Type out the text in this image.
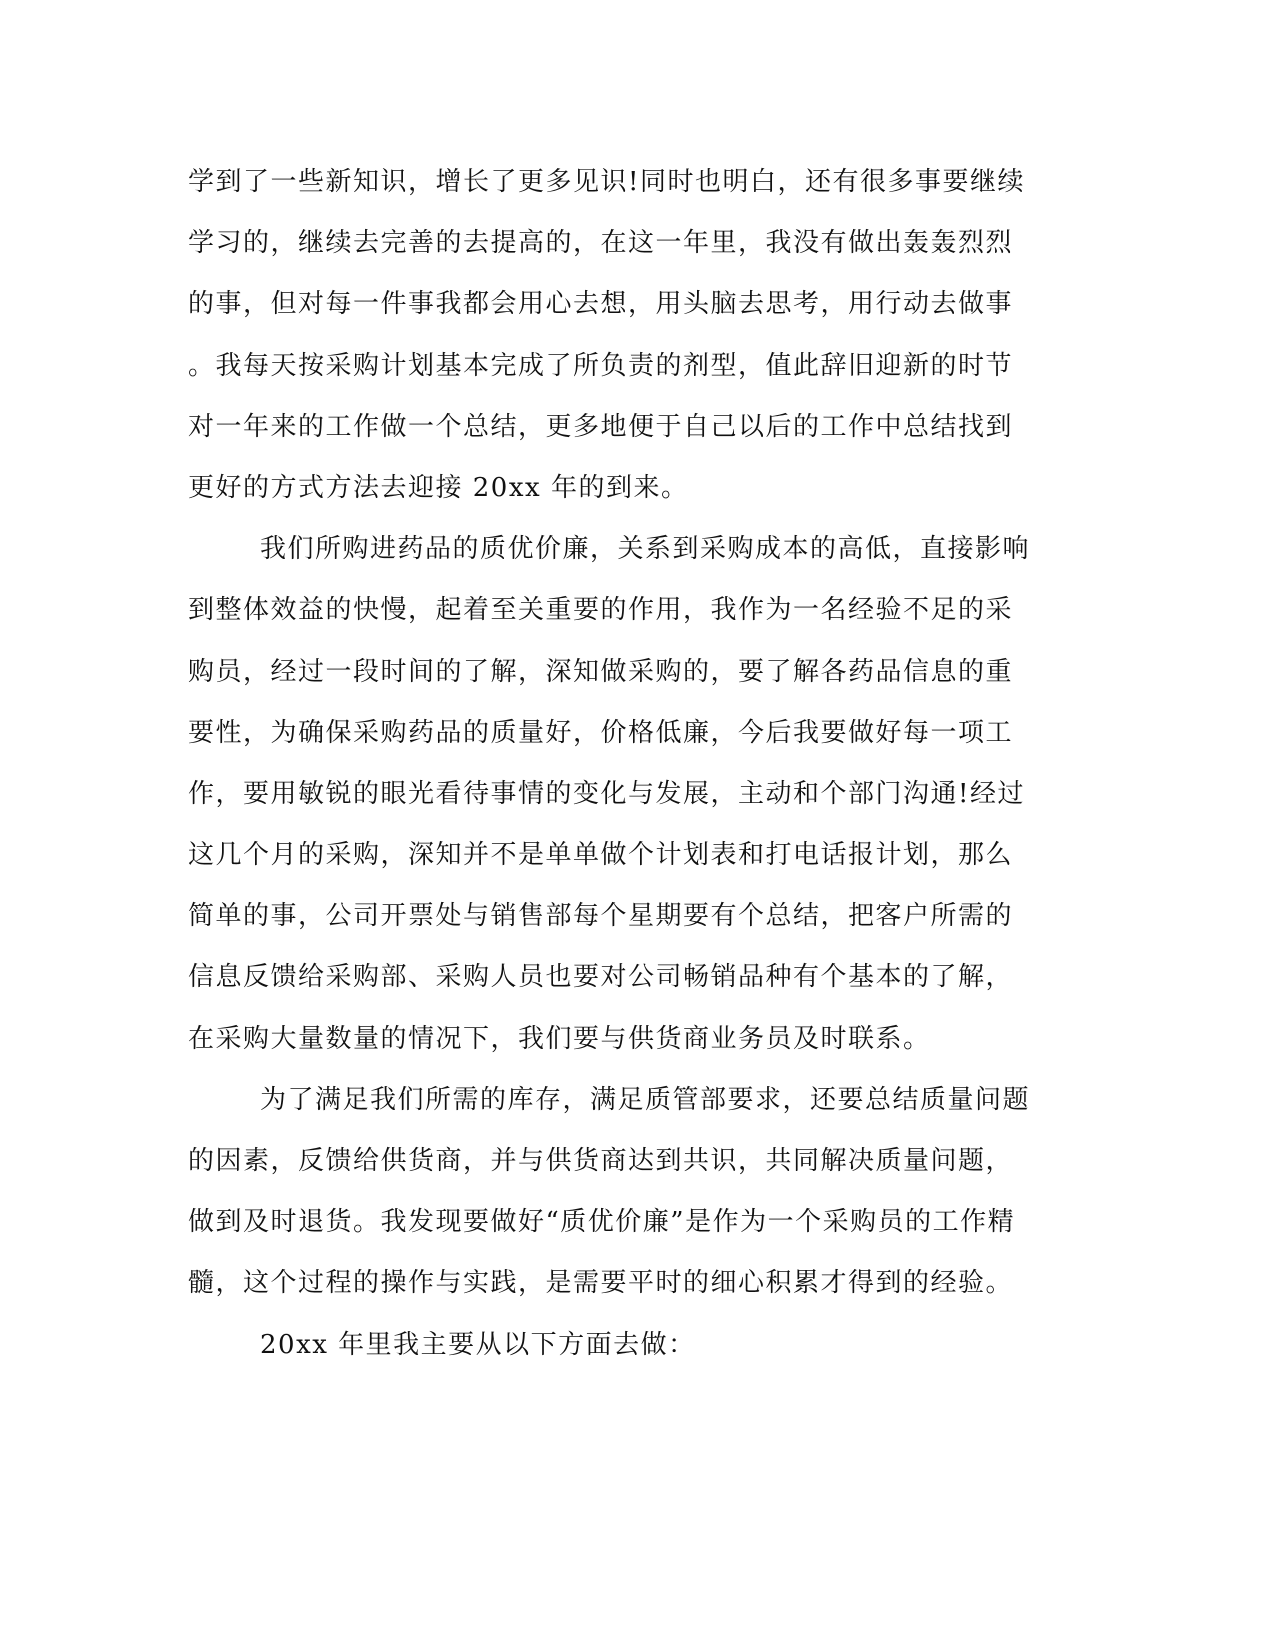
学到了一些新知识，增长了更多见识!同时也明白，还有很多事要继续
学习的，继续去完善的去提高的，在这一年里，我没有做出轰轰烈烈
的事，但对每一件事我都会用心去想，用头脑去思考，用行动去做事
。我每天按采购计划基本完成了所负责的剂型，值此辞旧迎新的时节
对一年来的工作做一个总结，更多地便于自己以后的工作中总结找到
更好的方式方法去迎接 20xx 年的到来。
我们所购进药品的质优价廉，关系到采购成本的高低，直接影响
到整体效益的快慢，起着至关重要的作用，我作为一名经验不足的采
购员，经过一段时间的了解，深知做采购的，要了解各药品信息的重
要性，为确保采购药品的质量好，价格低廉，今后我要做好每一项工
作，要用敏锐的眼光看待事情的变化与发展，主动和个部门沟通!经过
这几个月的采购，深知并不是单单做个计划表和打电话报计划，那么
简单的事，公司开票处与销售部每个星期要有个总结，把客户所需的
信息反馈给采购部、采购人员也要对公司畅销品种有个基本的了解，
在采购大量数量的情况下，我们要与供货商业务员及时联系。
为了满足我们所需的库存，满足质管部要求，还要总结质量问题
的因素，反馈给供货商，并与供货商达到共识，共同解决质量问题，
做到及时退货。我发现要做好“质优价廉”是作为一个采购员的工作精
髓，这个过程的操作与实践，是需要平时的细心积累才得到的经验。
20xx 年里我主要从以下方面去做：
